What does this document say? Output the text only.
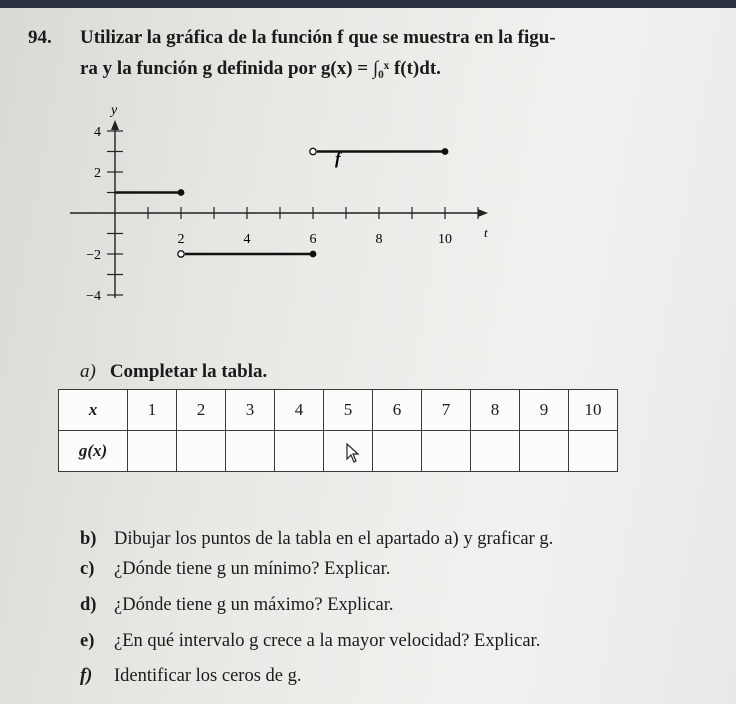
94. Utilizar la gráfica de la función f que se muestra en la figu-
ra y la función g definida por g(x) = ∫₀ˣ f(t)dt.
y
t
2	4	6	8	10
4
2
−2
−4
f
a) Completar la tabla.
x	1	2	3	4	5	6	7	8	9	10
g(x)										
b) Dibujar los puntos de la tabla en el apartado a) y graficar g.
c) ¿Dónde tiene g un mínimo? Explicar.
d) ¿Dónde tiene g un máximo? Explicar.
e) ¿En qué intervalo g crece a la mayor velocidad? Explicar.
f) Identificar los ceros de g.
